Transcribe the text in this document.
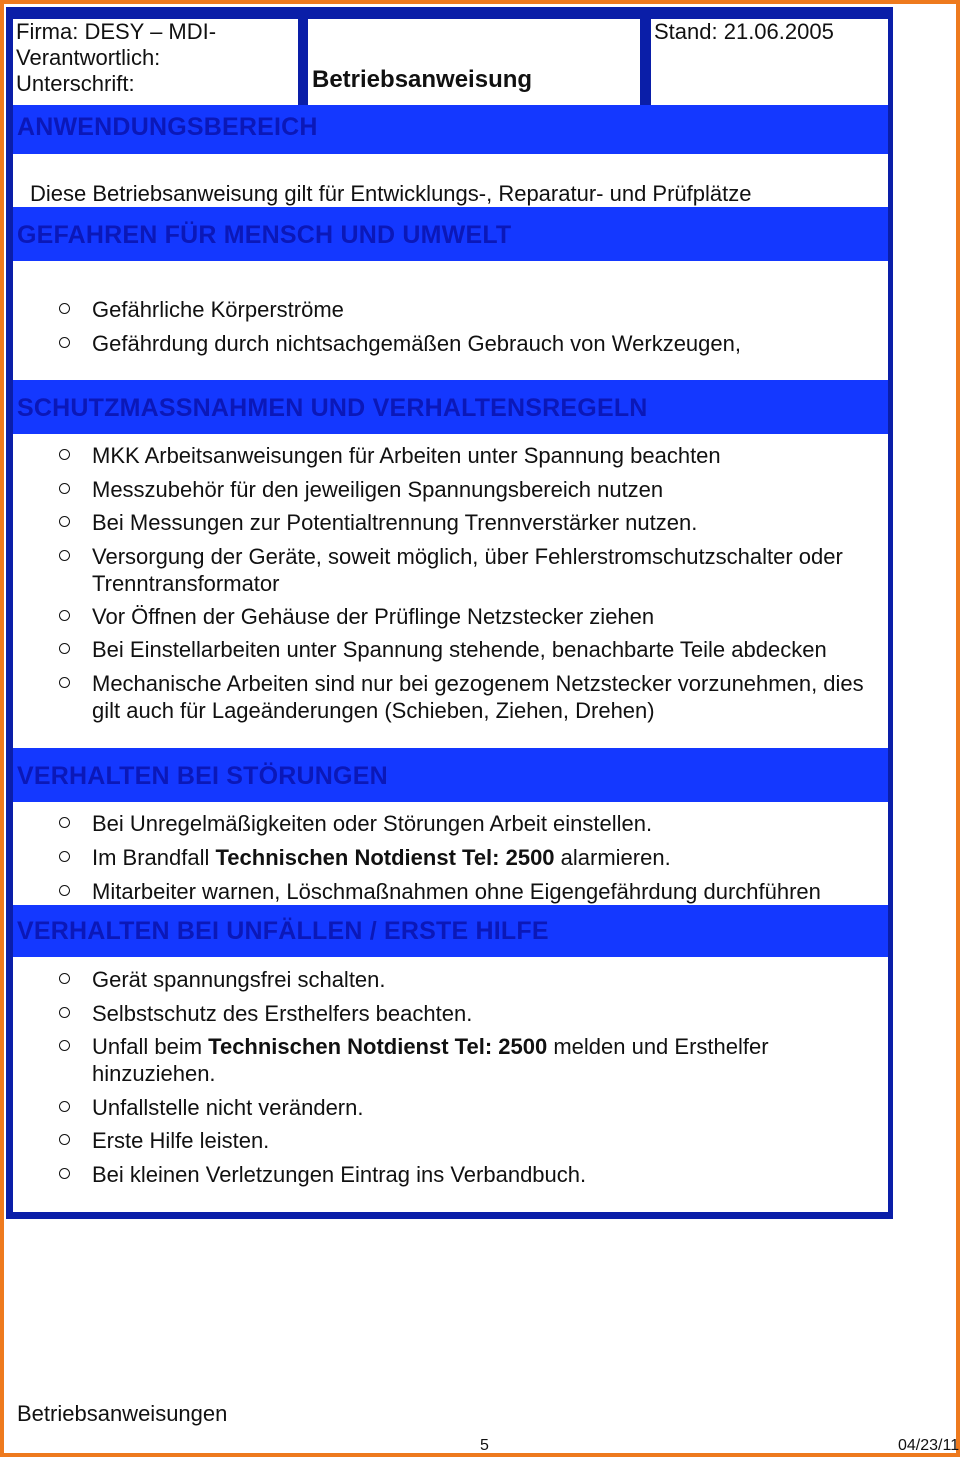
Firma: DESY – MDI-
Verantwortlich:
Unterschrift:	Betriebsanweisung
Stand: 21.06.2005
ANWENDUNGSBEREICH
Diese Betriebsanweisung gilt für Entwicklungs-, Reparatur- und Prüfplätze
GEFAHREN FÜR MENSCH UND UMWELT
Gefährliche Körperströme
Gefährdung durch nichtsachgemäßen Gebrauch von Werkzeugen,
SCHUTZMASSNAHMEN UND VERHALTENSREGELN
MKK Arbeitsanweisungen für Arbeiten unter Spannung beachten
Messzubehör für den jeweiligen Spannungsbereich nutzen
Bei Messungen zur Potentialtrennung Trennverstärker nutzen.
Versorgung der Geräte, soweit möglich, über Fehlerstromschutzschalter oder Trenntransformator
Vor Öffnen der Gehäuse der Prüflinge Netzstecker ziehen
Bei Einstellarbeiten unter Spannung stehende, benachbarte Teile abdecken
Mechanische Arbeiten sind nur bei gezogenem Netzstecker vorzunehmen, dies gilt auch für Lageänderungen (Schieben, Ziehen, Drehen)
VERHALTEN BEI STÖRUNGEN
Bei Unregelmäßigkeiten oder Störungen Arbeit einstellen.
Im Brandfall Technischen Notdienst Tel: 2500 alarmieren.
Mitarbeiter warnen, Löschmaßnahmen ohne Eigengefährdung durchführen
VERHALTEN BEI UNFÄLLEN / ERSTE HILFE
Gerät spannungsfrei schalten.
Selbstschutz des Ersthelfers beachten.
Unfall beim Technischen Notdienst Tel: 2500 melden und Ersthelfer hinzuziehen.
Unfallstelle nicht verändern.
Erste Hilfe leisten.
Bei kleinen Verletzungen Eintrag ins Verbandbuch.
Betriebsanweisungen
5	04/23/11
